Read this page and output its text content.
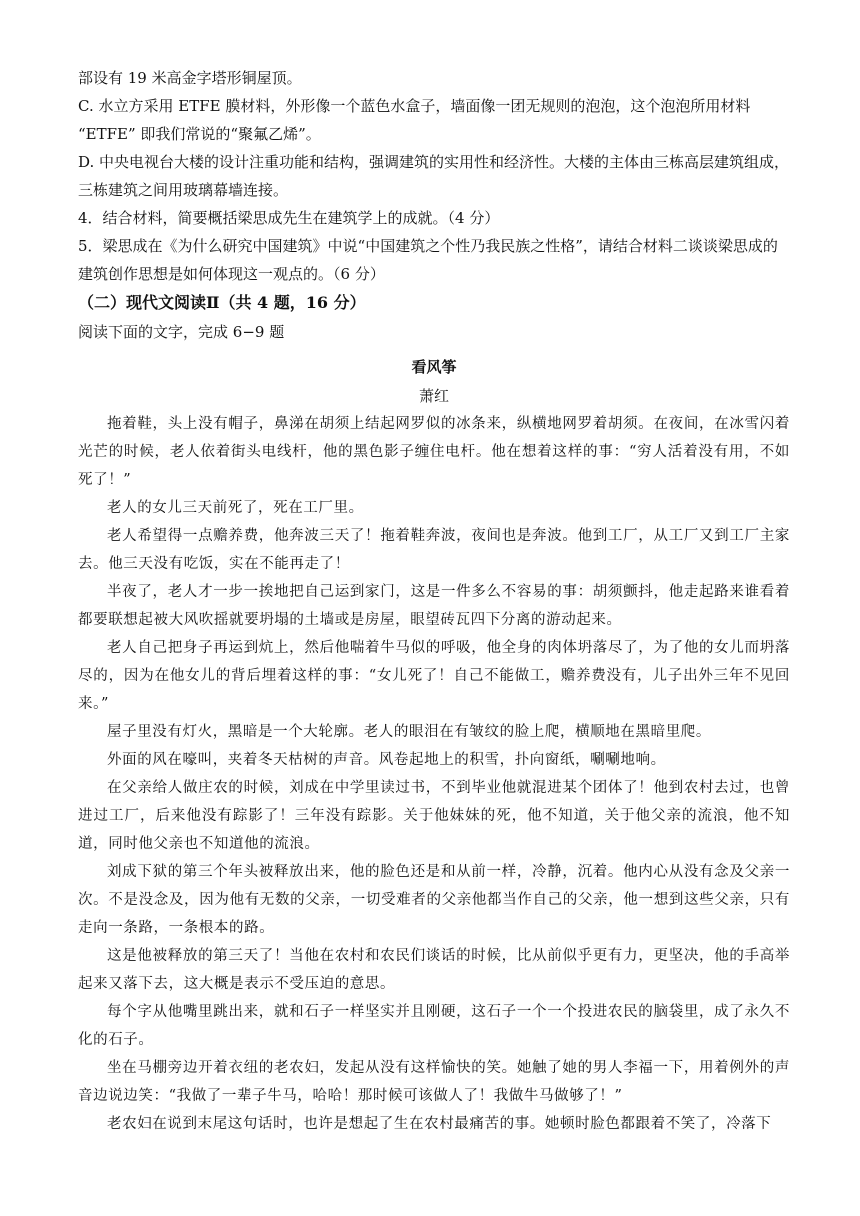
部设有 19 米高金字塔形铜屋顶。
C. 水立方采用 ETFE 膜材料，外形像一个蓝色水盒子，墙面像一团无规则的泡泡，这个泡泡所用材料 “ETFE” 即我们常说的“聚氟乙烯”。
D. 中央电视台大楼的设计注重功能和结构，强调建筑的实用性和经济性。大楼的主体由三栋高层建筑组成，三栋建筑之间用玻璃幕墙连接。
4．结合材料，简要概括梁思成先生在建筑学上的成就。（4 分）
5．梁思成在《为什么研究中国建筑》中说“中国建筑之个性乃我民族之性格”，请结合材料二谈谈梁思成的建筑创作思想是如何体现这一观点的。（6 分）
（二）现代文阅读Ⅱ（共 4 题，16 分）
阅读下面的文字，完成 6−9 题
看风筝
萧红

拖着鞋，头上没有帽子，鼻涕在胡须上结起网罗似的冰条来，纵横地网罗着胡须。在夜间，在冰雪闪着光芒的时候，老人依着街头电线杆，他的黑色影子缠住电杆。他在想着这样的事：“穷人活着没有用，不如死了！”

老人的女儿三天前死了，死在工厂里。

老人希望得一点赡养费，他奔波三天了！拖着鞋奔波，夜间也是奔波。他到工厂，从工厂又到工厂主家去。他三天没有吃饭，实在不能再走了！

半夜了，老人才一步一挨地把自己运到家门，这是一件多么不容易的事：胡须颤抖，他走起路来谁看着都要联想起被大风吹摇就要坍塌的土墙或是房屋，眼望砖瓦四下分离的游动起来。

老人自己把身子再运到炕上，然后他喘着牛马似的呼吸，他全身的肉体坍落尽了，为了他的女儿而坍落尽的，因为在他女儿的背后埋着这样的事：“女儿死了！自己不能做工，赡养费没有，儿子出外三年不见回来。”

屋子里没有灯火，黑暗是一个大轮廓。老人的眼泪在有皱纹的脸上爬，横顺地在黑暗里爬。

外面的风在嚎叫，夹着冬天枯树的声音。风卷起地上的积雪，扑向窗纸，唰唰地响。

在父亲给人做庄农的时候，刘成在中学里读过书，不到毕业他就混进某个团体了！他到农村去过，也曾进过工厂，后来他没有踪影了！三年没有踪影。关于他妹妹的死，他不知道，关于他父亲的流浪，他不知道，同时他父亲也不知道他的流浪。

刘成下狱的第三个年头被释放出来，他的脸色还是和从前一样，冷静，沉着。他内心从没有念及父亲一次。不是没念及，因为他有无数的父亲，一切受难者的父亲他都当作自己的父亲，他一想到这些父亲，只有走向一条路，一条根本的路。

这是他被释放的第三天了！当他在农村和农民们谈话的时候，比从前似乎更有力，更坚决，他的手高举起来又落下去，这大概是表示不受压迫的意思。

每个字从他嘴里跳出来，就和石子一样坚实并且刚硬，这石子一个一个投进农民的脑袋里，成了永久不化的石子。

坐在马棚旁边开着衣纽的老农妇，发起从没有这样愉快的笑。她触了她的男人李福一下，用着例外的声音边说边笑：“我做了一辈子牛马，哈哈！那时候可该做人了！我做牛马做够了！”

老农妇在说到末尾这句话时，也许是想起了生在农村最痛苦的事。她顿时脸色都跟着不笑了，冷落下
